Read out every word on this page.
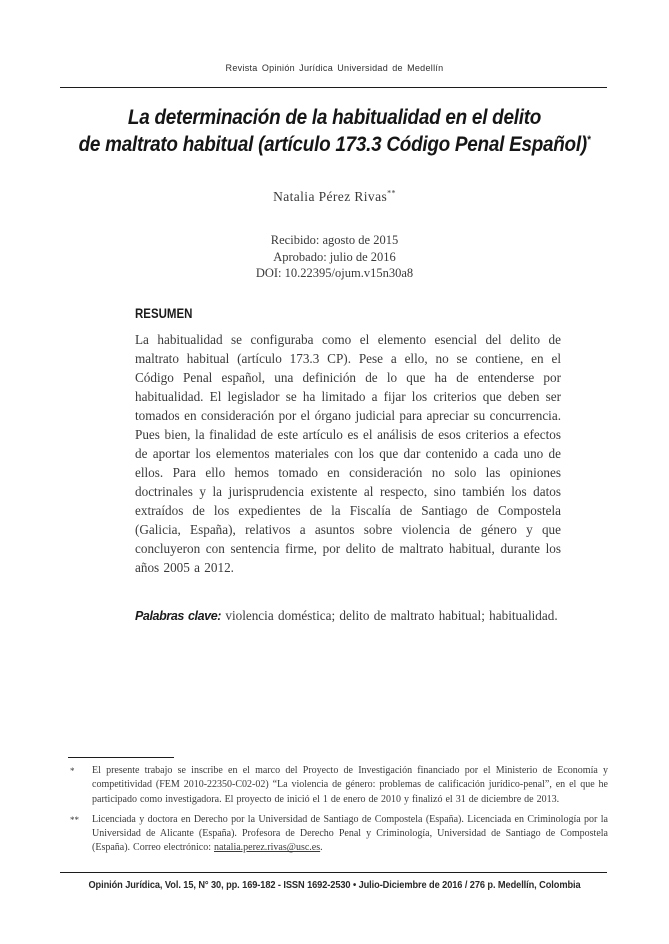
Revista Opinión Jurídica Universidad de Medellín
La determinación de la habitualidad en el delito
de maltrato habitual (artículo 173.3 Código Penal Español)*
Natalia Pérez Rivas**
Recibido: agosto de 2015
Aprobado: julio de 2016
DOI: 10.22395/ojum.v15n30a8
RESUMEN
La habitualidad se configuraba como el elemento esencial del delito de maltrato habitual (artículo 173.3 CP). Pese a ello, no se contiene, en el Código Penal español, una definición de lo que ha de entenderse por habitualidad. El legislador se ha limitado a fijar los criterios que deben ser tomados en consideración por el órgano judicial para apreciar su concurrencia. Pues bien, la finalidad de este artículo es el análisis de esos criterios a efectos de aportar los elementos materiales con los que dar contenido a cada uno de ellos. Para ello hemos tomado en consideración no solo las opiniones doctrinales y la jurisprudencia existente al respecto, sino también los datos extraídos de los expedientes de la Fiscalía de Santiago de Compostela (Galicia, España), relativos a asuntos sobre violencia de género y que concluyeron con sentencia firme, por delito de maltrato habitual, durante los años 2005 a 2012.
Palabras clave: violencia doméstica; delito de maltrato habitual; habitualidad.
* El presente trabajo se inscribe en el marco del Proyecto de Investigación financiado por el Ministerio de Economía y competitividad (FEM 2010-22350-C02-02) “La violencia de género: problemas de calificación jurídico-penal”, en el que he participado como investigadora. El proyecto de inició el 1 de enero de 2010 y finalizó el 31 de diciembre de 2013.
** Licenciada y doctora en Derecho por la Universidad de Santiago de Compostela (España). Licenciada en Criminología por la Universidad de Alicante (España). Profesora de Derecho Penal y Criminología, Universidad de Santiago de Compostela (España). Correo electrónico: natalia.perez.rivas@usc.es.
Opinión Jurídica, Vol. 15, N° 30, pp. 169-182 - ISSN 1692-2530 • Julio-Diciembre de 2016 / 276 p. Medellín, Colombia
